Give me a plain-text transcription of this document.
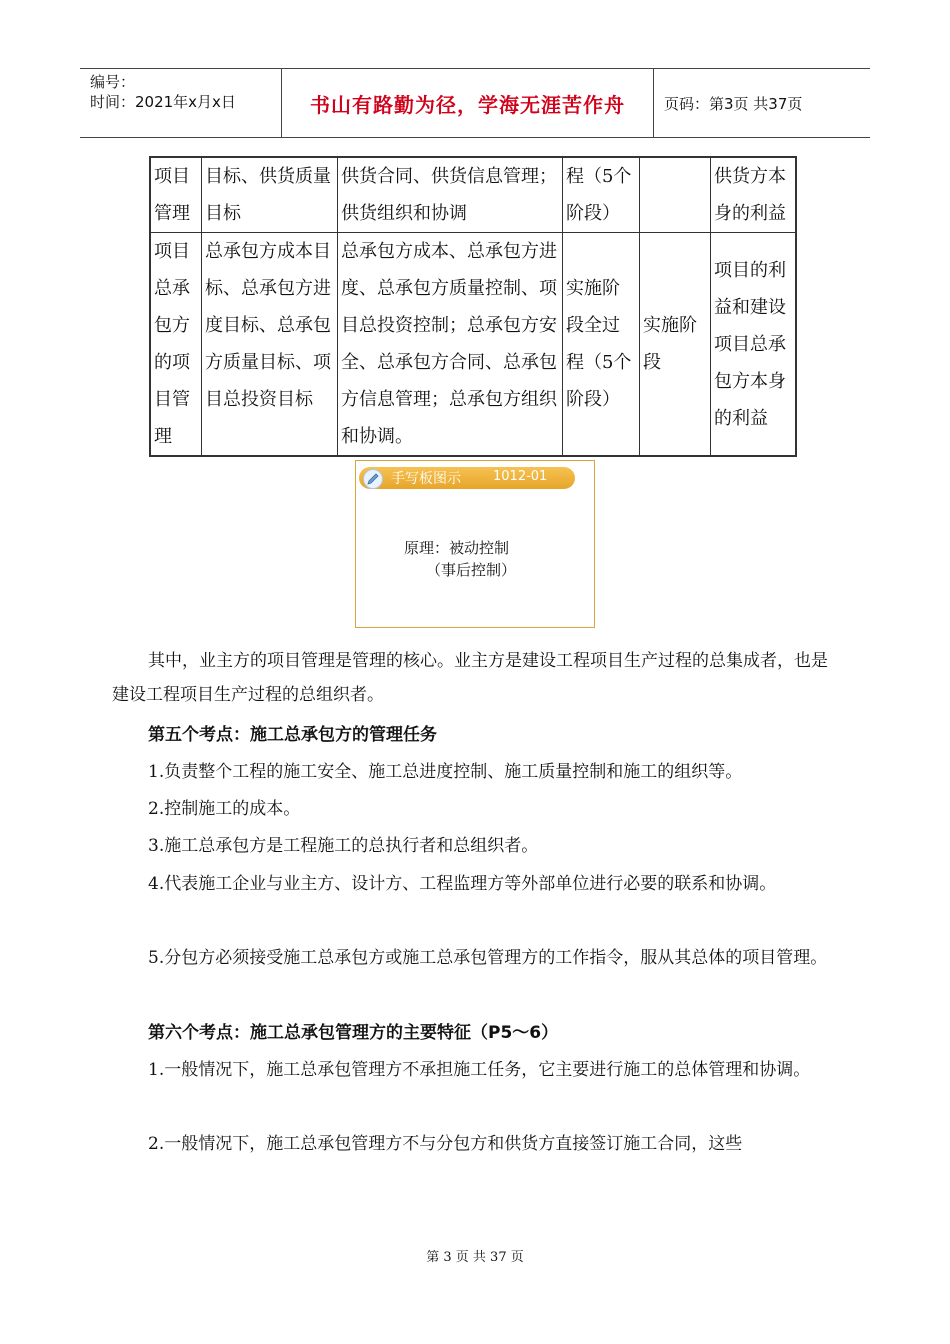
编号：
时间：2021年x月x日	书山有路勤为径，学海无涯苦作舟	页码：第3页 共37页
项目管理	目标、供货质量目标	供货合同、供货信息管理；供货组织和协调	程（5个阶段）		供货方本身的利益
项目总承包方的项目管理	总承包方成本目标、总承包方进度目标、总承包方质量目标、项目总投资目标	总承包方成本、总承包方进度、总承包方质量控制、项目总投资控制；总承包方安全、总承包方合同、总承包方信息管理；总承包方组织和协调。	实施阶段全过程（5个阶段）	实施阶段	项目的利益和建设项目总承包方本身的利益
手写板图示 1012-01
原理：被动控制
（事后控制）
其中，业主方的项目管理是管理的核心。业主方是建设工程项目生产过程的总集成者，也是建设工程项目生产过程的总组织者。
第五个考点：施工总承包方的管理任务
1.负责整个工程的施工安全、施工总进度控制、施工质量控制和施工的组织等。
2.控制施工的成本。
3.施工总承包方是工程施工的总执行者和总组织者。
4.代表施工企业与业主方、设计方、工程监理方等外部单位进行必要的联系和协调。
5.分包方必须接受施工总承包方或施工总承包管理方的工作指令，服从其总体的项目管理。
第六个考点：施工总承包管理方的主要特征（P5～6）
1.一般情况下，施工总承包管理方不承担施工任务，它主要进行施工的总体管理和协调。
2.一般情况下，施工总承包管理方不与分包方和供货方直接签订施工合同，这些
第 3 页 共 37 页
